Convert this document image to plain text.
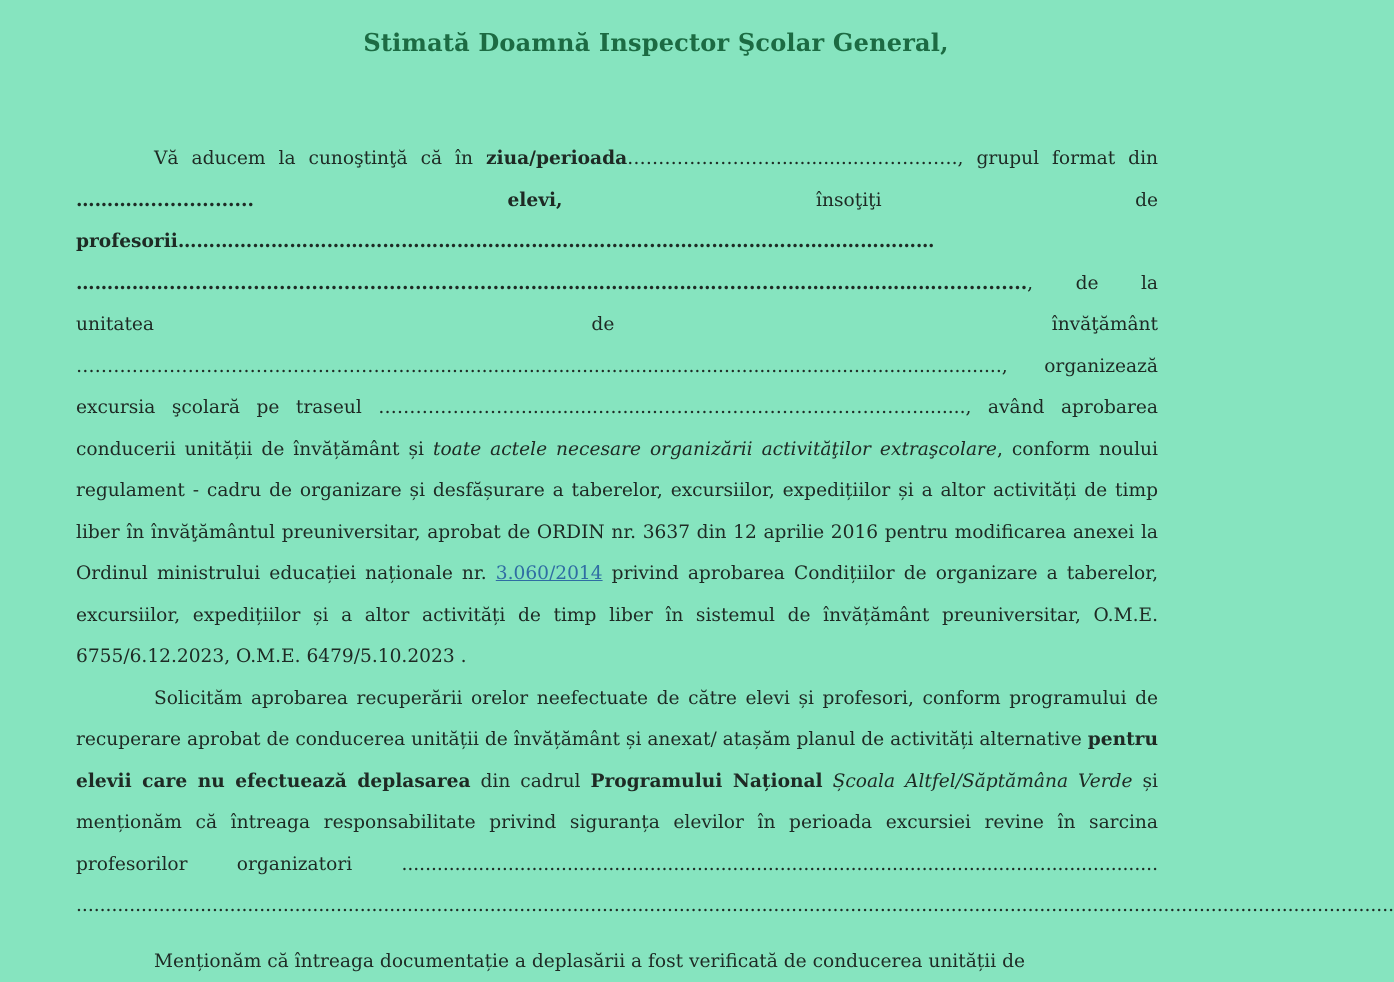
Stimată Doamnă Inspector Şcolar General,

Vă aducem la cunoştinţă că în ziua/perioada……………………..............……………., grupul format din …………................	elevi, însoţiţi de profesorii…………………………………………………………………..……………………………………… …………….....................................................……………………………...........…………………….............., de la unitatea de învăţământ ………………………………………………...................................................................................................., organizează excursia şcolară pe traseul ……………………............….......……………………………………........, având aprobarea conducerii unității de învățământ și toate actele necesare organizării activităţilor extraşcolare, conform noului regulament - cadru de organizare și desfășurare a taberelor, excursiilor, expedițiilor și a altor activități de timp liber în învăţământul preuniversitar, aprobat de ORDIN nr. 3637 din 12 aprilie 2016 pentru modificarea anexei la Ordinul ministrului educației naționale nr. 3.060/2014 privind aprobarea Condițiilor de organizare a taberelor, excursiilor, expedițiilor și a altor activități de timp liber în sistemul de învățământ preuniversitar, O.M.E. 6755/6.12.2023, O.M.E. 6479/5.10.2023 .

Solicităm aprobarea recuperării orelor neefectuate de către elevi și profesori, conform programului de recuperare aprobat de conducerea unității de învățământ și anexat/ atașăm planul de activități alternative pentru elevii care nu efectuează deplasarea din cadrul Programului Național Școala Altfel/Săptămâna Verde și menționăm că întreaga responsabilitate privind siguranța elevilor în perioada excursiei revine în sarcina profesorilor organizatori ................................................................................................................................ ...............................................................................................................................................................................................................................

Menționăm că întreaga documentație a deplasării a fost verificată de conducerea unității de
